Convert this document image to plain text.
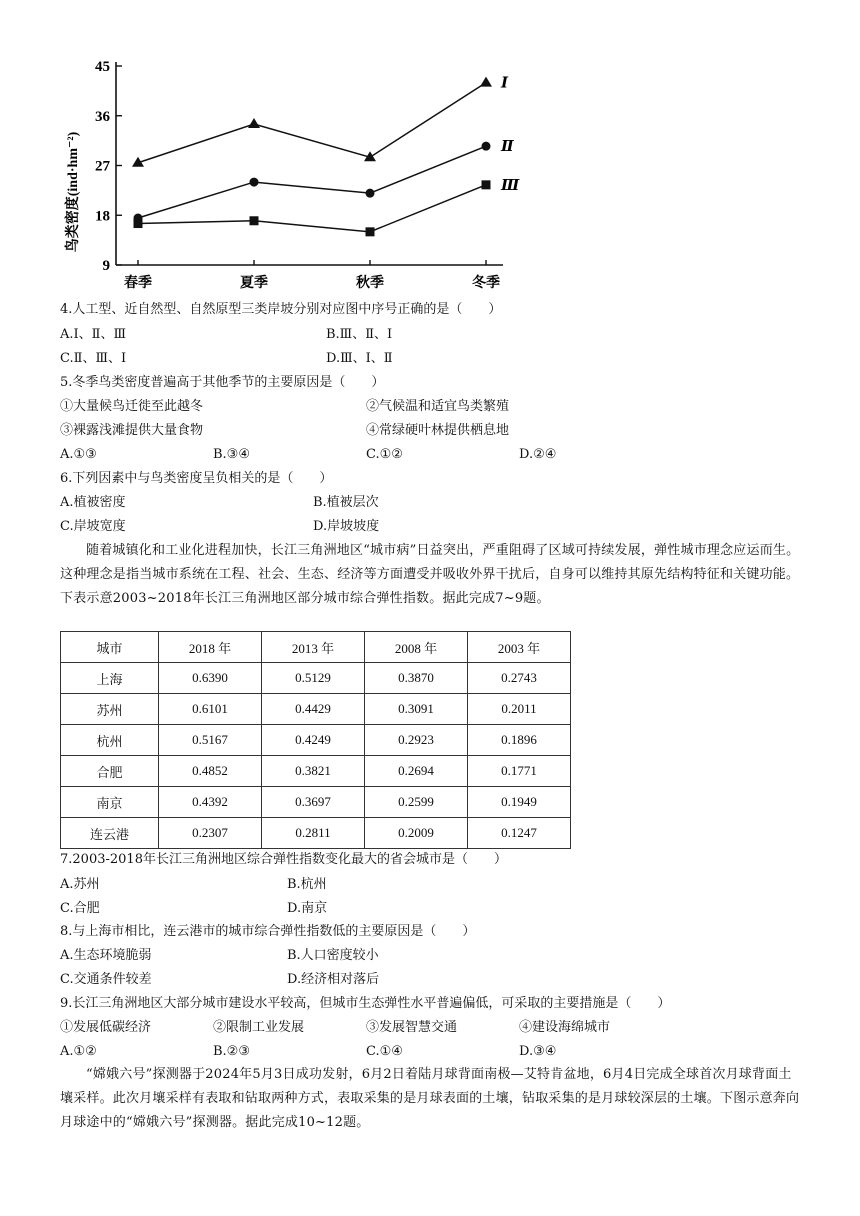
9
18
27
36
45
春季	夏季	秋季	冬季
Ⅰ
Ⅱ
Ⅲ
鸟类密度(ind·hm⁻²)
4.人工型、近自然型、自然原型三类岸坡分别对应图中序号正确的是（　　）
A.Ⅰ、Ⅱ、Ⅲ	B.Ⅲ、Ⅱ、Ⅰ
C.Ⅱ、Ⅲ、Ⅰ	D.Ⅲ、Ⅰ、Ⅱ
5.冬季鸟类密度普遍高于其他季节的主要原因是（　　）
①大量候鸟迁徙至此越冬	②气候温和适宜鸟类繁殖
③裸露浅滩提供大量食物	④常绿硬叶林提供栖息地
A.①③	B.③④	C.①②	D.②④
6.下列因素中与鸟类密度呈负相关的是（　　）
A.植被密度	B.植被层次
C.岸坡宽度	D.岸坡坡度
随着城镇化和工业化进程加快，长江三角洲地区“城市病”日益突出，严重阻碍了区域可持续发展，弹性城市理念应运而生。这种理念是指当城市系统在工程、社会、生态、经济等方面遭受并吸收外界干扰后，自身可以维持其原先结构特征和关键功能。下表示意2003~2018年长江三角洲地区部分城市综合弹性指数。据此完成7~9题。
城市	2018 年	2013 年	2008 年	2003 年
上海	0.6390	0.5129	0.3870	0.2743
苏州	0.6101	0.4429	0.3091	0.2011
杭州	0.5167	0.4249	0.2923	0.1896
合肥	0.4852	0.3821	0.2694	0.1771
南京	0.4392	0.3697	0.2599	0.1949
连云港	0.2307	0.2811	0.2009	0.1247
7.2003-2018年长江三角洲地区综合弹性指数变化最大的省会城市是（　　）
A.苏州	B.杭州
C.合肥	D.南京
8.与上海市相比，连云港市的城市综合弹性指数低的主要原因是（　　）
A.生态环境脆弱	B.人口密度较小
C.交通条件较差	D.经济相对落后
9.长江三角洲地区大部分城市建设水平较高，但城市生态弹性水平普遍偏低，可采取的主要措施是（　　）
①发展低碳经济	②限制工业发展	③发展智慧交通	④建设海绵城市
A.①②	B.②③	C.①④	D.③④
“嫦娥六号”探测器于2024年5月3日成功发射，6月2日着陆月球背面南极—艾特肯盆地，6月4日完成全球首次月球背面土壤采样。此次月壤采样有表取和钻取两种方式，表取采集的是月球表面的土壤，钻取采集的是月球较深层的土壤。下图示意奔向月球途中的“嫦娥六号”探测器。据此完成10~12题。
